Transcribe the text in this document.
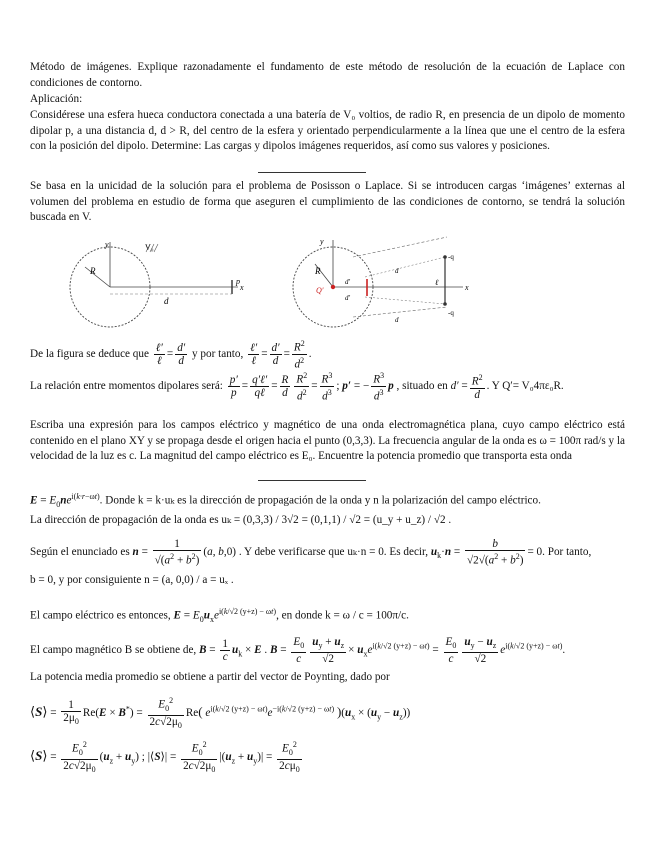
Método de imágenes. Explique razonadamente el fundamento de este método de resolución de la ecuación de Laplace con condiciones de contorno.
Aplicación:
Considérese una esfera hueca conductora conectada a una batería de V₀ voltios, de radio R, en presencia de un dipolo de momento dipolar p, a una distancia d, d > R, del centro de la esfera y orientado perpendicularmente a la línea que une el centro de la esfera con la posición del dipolo. Determine: Las cargas y dipolos imágenes requeridos, así como sus valores y posiciones.
Se basa en la unicidad de la solución para el problema de Posisson o Laplace. Si se introducen cargas ‘imágenes’ externas al volumen del problema en estudio de forma que aseguren el cumplimiento de las condiciones de contorno, se tendrá la solución buscada en V.
y
R
d
p
x
V₀
y
R
Q′
d′
d′
d
d
ℓ
-q
-q
x
De la figura se deduce que $\frac{\text{ℓ′}}{\text{ℓ}} = \frac{d'}{d}$ y por tanto, $\frac{\text{ℓ′}}{\text{ℓ}} = \frac{d'}{d} = \frac{R^2}{d^2}$ .
La relación entre momentos dipolares será: $\frac{p'}{p} = \frac{\text{q′ℓ′}}{\text{qℓ}} = \frac{R}{d} \frac{R^2}{d^2} = \frac{R^3}{d^3}$ ; p′ = − $\frac{R^3}{d^3}$ p , situado en $d' = \frac{R^2}{d}$ . Y Q′= V₀4πε₀R.
Escriba una expresión para los campos eléctrico y magnético de una onda electromagnética plana, cuyo campo eléctrico está contenido en el plano XY y se propaga desde el origen hacia el punto (0,3,3). La frecuencia angular de la onda es ω = 100π rad/s y la velocidad de la luz es c. La magnitud del campo eléctrico es E₀. Encuentre la potencia promedio que transporta esta onda
$E = E_0ne^{i(k\cdot r-\omega t)}$. Donde k = k·uₖ es la dirección de propagación de la onda y n la polarización del campo eléctrico.
La dirección de propagación de la onda es uₖ = (0,3,3) / 3√2 = (0,1,1) / √2 = (u_y + u_z) / √2 .
Según el enunciado es $n = \frac{1}{√(a^2 + b^2)} (a$, b,0) . Y debe verificarse que uₖ·n = 0. Es decir, $u_k\cdot n = \frac{b}{√2√(a^2 + b^2)} = 0$. Por tanto,
b = 0, y por consiguiente n = (a, 0,0) / a = uₓ .
El campo eléctrico es entonces, $E = E_0u_xe^{i(k/√2 (y+z) - \omega t)}$, en donde k = ω / c = 100π/c.
El campo magnético B se obtiene de, $B = \frac{1}{c} u_k \times E$ . $B = \frac{E_0}{c} \frac{u_y + u_z}{√2} \times u_xe^{i(k/√2 (y+z) - \omega t)} = \frac{E_0}{c} \frac{u_y - u_z}{√2} e^{i(k/√2 (y+z) - \omega t)}$.
La potencia media promedio se obtiene a partir del vector de Poynting, dado por
⟨S⟩ = $\frac{1}{2\mu_0} Re(E \times B^*) = \frac{E_0^2}{2c√2\mu_0} Re$( $e^{i(k/√2 (y+z) - \omega t)}e^{-i(k/√2 (y+z) - \omega t)}$ )$(u_x \times (u_y - u_z))$
⟨S⟩ = $\frac{E_0^2}{2c√2\mu_0} (u_z + u_y)$ ; |⟨S⟩| = $\frac{E_0^2}{2c√2\mu_0} |(u_z + u_y)| = \frac{E_0^2}{2c\mu_0}$
